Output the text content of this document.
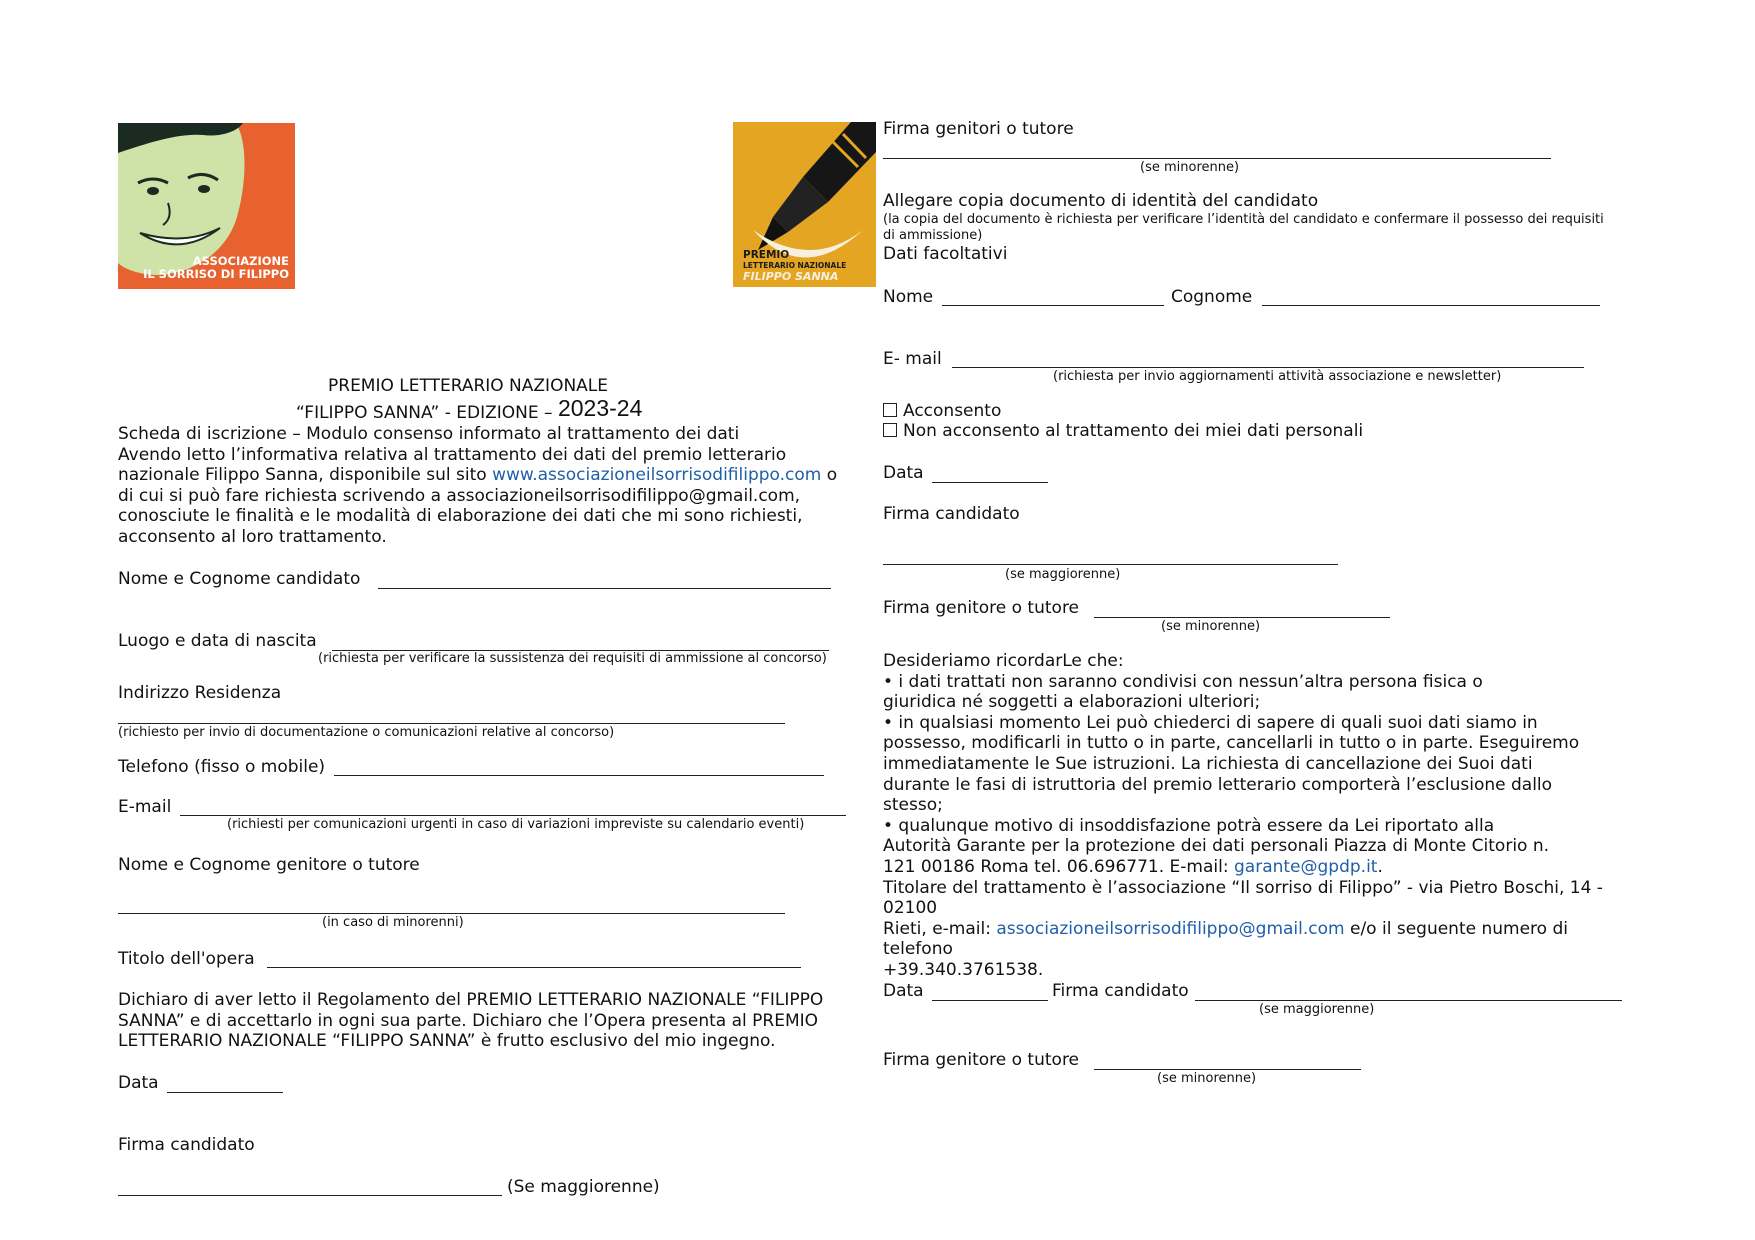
ASSOCIAZIONE
IL SORRISO DI FILIPPO
PREMIO
LETTERARIO NAZIONALE
FILIPPO SANNA
PREMIO LETTERARIO NAZIONALE
“FILIPPO SANNA” - EDIZIONE – 2023-24
Scheda di iscrizione – Modulo consenso informato al trattamento dei dati
Avendo letto l’informativa relativa al trattamento dei dati del premio letterario
nazionale Filippo Sanna, disponibile sul sito www.associazioneilsorrisodifilippo.com o
di cui si può fare richiesta scrivendo a associazioneilsorrisodifilippo@gmail.com,
conosciute le finalità e le modalità di elaborazione dei dati che mi sono richiesti,
acconsento al loro trattamento.
Nome e Cognome candidato
Luogo e data di nascita
(richiesta per verificare la sussistenza dei requisiti di ammissione al concorso)
Indirizzo Residenza
(richiesto per invio di documentazione o comunicazioni relative al concorso)
Telefono (fisso o mobile)
E-mail
(richiesti per comunicazioni urgenti in caso di variazioni impreviste su calendario eventi)
Nome e Cognome genitore o tutore
(in caso di minorenni)
Titolo dell'opera
Dichiaro di aver letto il Regolamento del PREMIO LETTERARIO NAZIONALE “FILIPPO
SANNA” e di accettarlo in ogni sua parte. Dichiaro che l’Opera presenta al PREMIO
LETTERARIO NAZIONALE “FILIPPO SANNA” è frutto esclusivo del mio ingegno.
Data
Firma candidato
(Se maggiorenne)
Firma genitori o tutore
(se minorenne)
Allegare copia documento di identità del candidato
(la copia del documento è richiesta per verificare l’identità del candidato e confermare il possesso dei requisiti
di ammissione)
Dati facoltativi
Nome	Cognome
E- mail
(richiesta per invio aggiornamenti attività associazione e newsletter)
Acconsento
Non acconsento al trattamento dei miei dati personali
Data
Firma candidato
(se maggiorenne)
Firma genitore o tutore
(se minorenne)
Desideriamo ricordarLe che:
• i dati trattati non saranno condivisi con nessun’altra persona fisica o
giuridica né soggetti a elaborazioni ulteriori;
• in qualsiasi momento Lei può chiederci di sapere di quali suoi dati siamo in
possesso, modificarli in tutto o in parte, cancellarli in tutto o in parte. Eseguiremo
immediatamente le Sue istruzioni. La richiesta di cancellazione dei Suoi dati
durante le fasi di istruttoria del premio letterario comporterà l’esclusione dallo
stesso;
• qualunque motivo di insoddisfazione potrà essere da Lei riportato alla
Autorità Garante per la protezione dei dati personali Piazza di Monte Citorio n.
121 00186 Roma tel. 06.696771. E-mail: garante@gpdp.it.
Titolare del trattamento è l’associazione “Il sorriso di Filippo” - via Pietro Boschi, 14 -
02100
Rieti, e-mail: associazioneilsorrisodifilippo@gmail.com e/o il seguente numero di
telefono
+39.340.3761538.
Data	Firma candidato
(se maggiorenne)
Firma genitore o tutore
(se minorenne)
